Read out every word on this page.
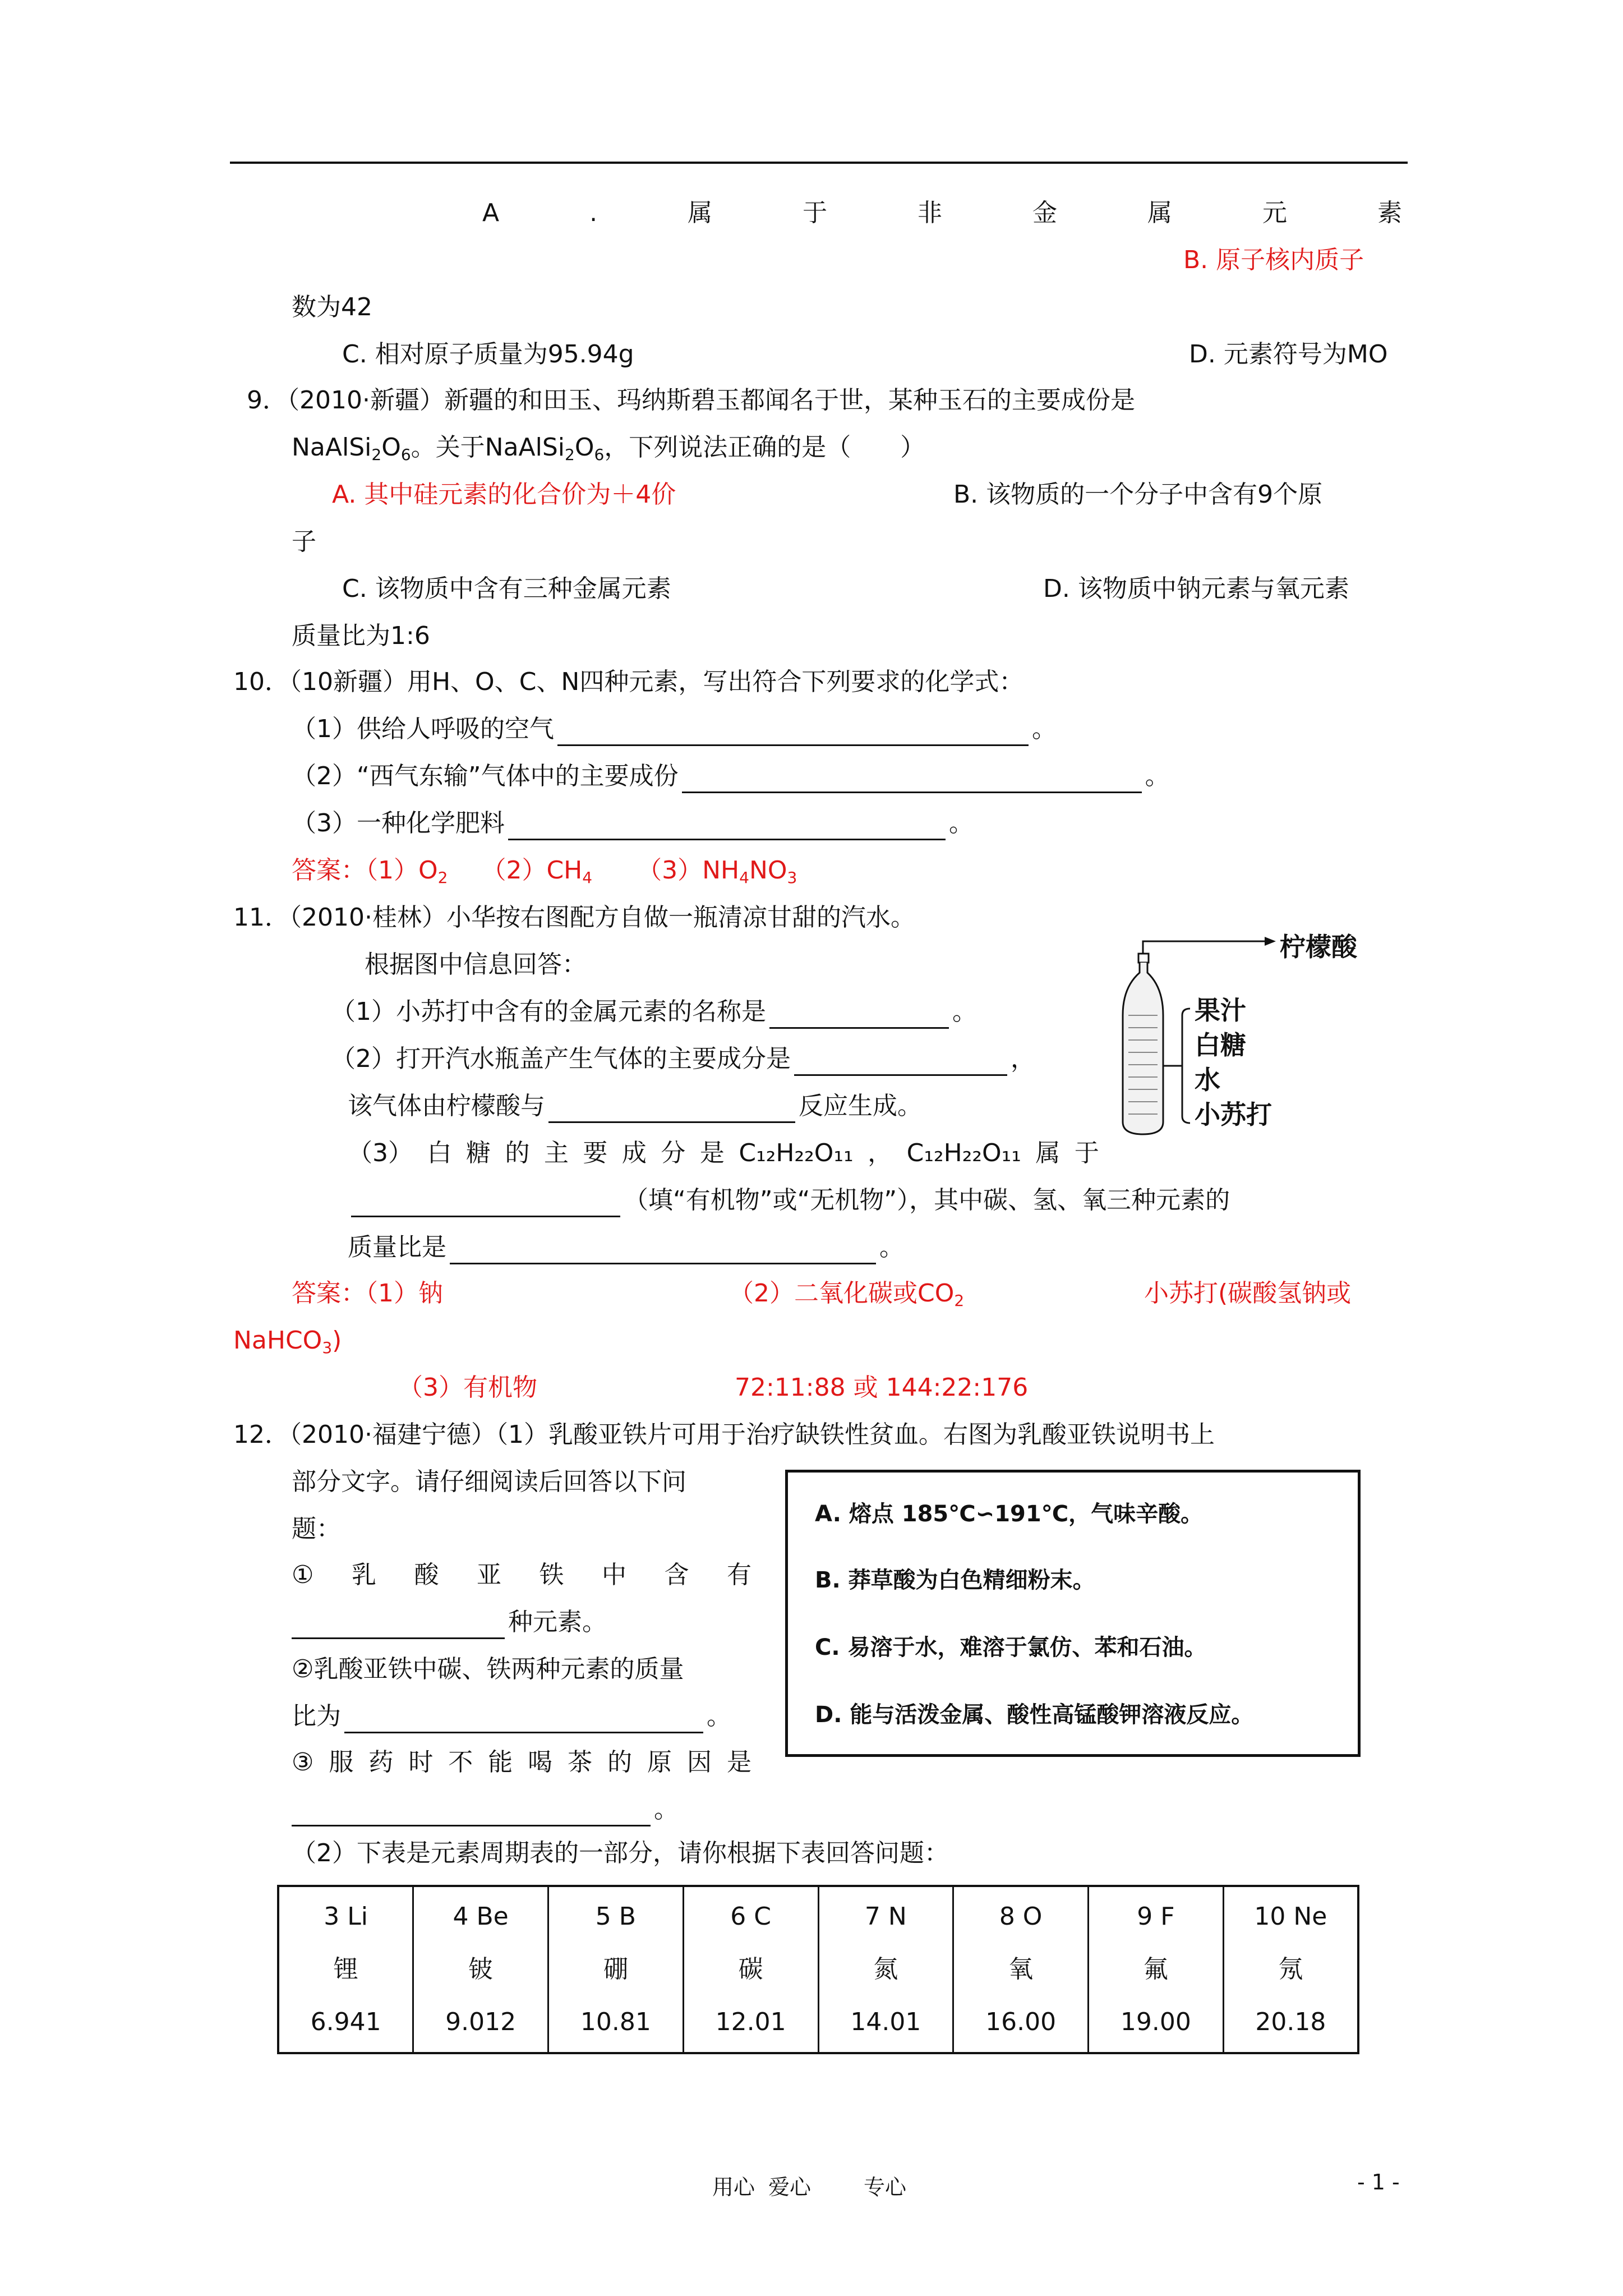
A	.	属	于	非	金	属	元	素
B. 原子核内质子
数为42
C. 相对原子质量为95.94g	D. 元素符号为MO
9．（2010·新疆）新疆的和田玉、玛纳斯碧玉都闻名于世，某种玉石的主要成份是
$NaAlSi_2O_6$。关于$NaAlSi_2O_6$，下列说法正确的是（　　）
A. 其中硅元素的化合价为＋4价	B. 该物质的一个分子中含有9个原
子
C. 该物质中含有三种金属元素	D. 该物质中钠元素与氧元素
质量比为1:6
10．（10新疆）用H、O、C、N四种元素，写出符合下列要求的化学式：
（1）供给人呼吸的空气	。
（2）“西气东输”气体中的主要成份	。
（3）一种化学肥料	。
答案：$(1)O_2$ $(2)CH_4$ $(3)NH_4NO_3$
11．（2010·桂林）小华按右图配方自做一瓶清凉甘甜的汽水。
根据图中信息回答：
（1）小苏打中含有的金属元素的名称是	。
（2）打开汽水瓶盖产生气体的主要成分是	，
该气体由柠檬酸与	反应生成。
（3） 白 糖 的 主 要 成 分 是 C₁₂H₂₂O₁₁ ， C₁₂H₂₂O₁₁ 属 于
（填“有机物”或“无机物”），其中碳、氢、氧三种元素的
质量比是	。
柠檬酸
果汁
白糖
水
小苏打
答案：（1）钠	（2）二氧化碳或$CO_2$	小苏打(碳酸氢钠或
NaHCO$_3$)
（3）有机物	72:11:88 或 144:22:176
12．（2010·福建宁德）（1）乳酸亚铁片可用于治疗缺铁性贫血。右图为乳酸亚铁说明书上
部分文字。请仔细阅读后回答以下问
题：
① 乳 酸 亚 铁 中 含 有
种元素。
②乳酸亚铁中碳、铁两种元素的质量
比为	。
③ 服 药 时 不 能 喝 茶 的 原 因 是
。
A. 熔点 185℃∽191℃，气味辛酸。
B. 莽草酸为白色精细粉末。
C. 易溶于水，难溶于氯仿、苯和石油。
D. 能与活泼金属、酸性高锰酸钾溶液反应。
（2）下表是元素周期表的一部分，请你根据下表回答问题：
3 Li
锂
6.941

4 Be
铍
9.012

5 B
硼
10.81

6 C
碳
12.01

7 N
氮
14.01

8 O
氧
16.00

9 F
氟
19.00

10 Ne
氖
20.18
用心 爱心 专心	- 1 -
